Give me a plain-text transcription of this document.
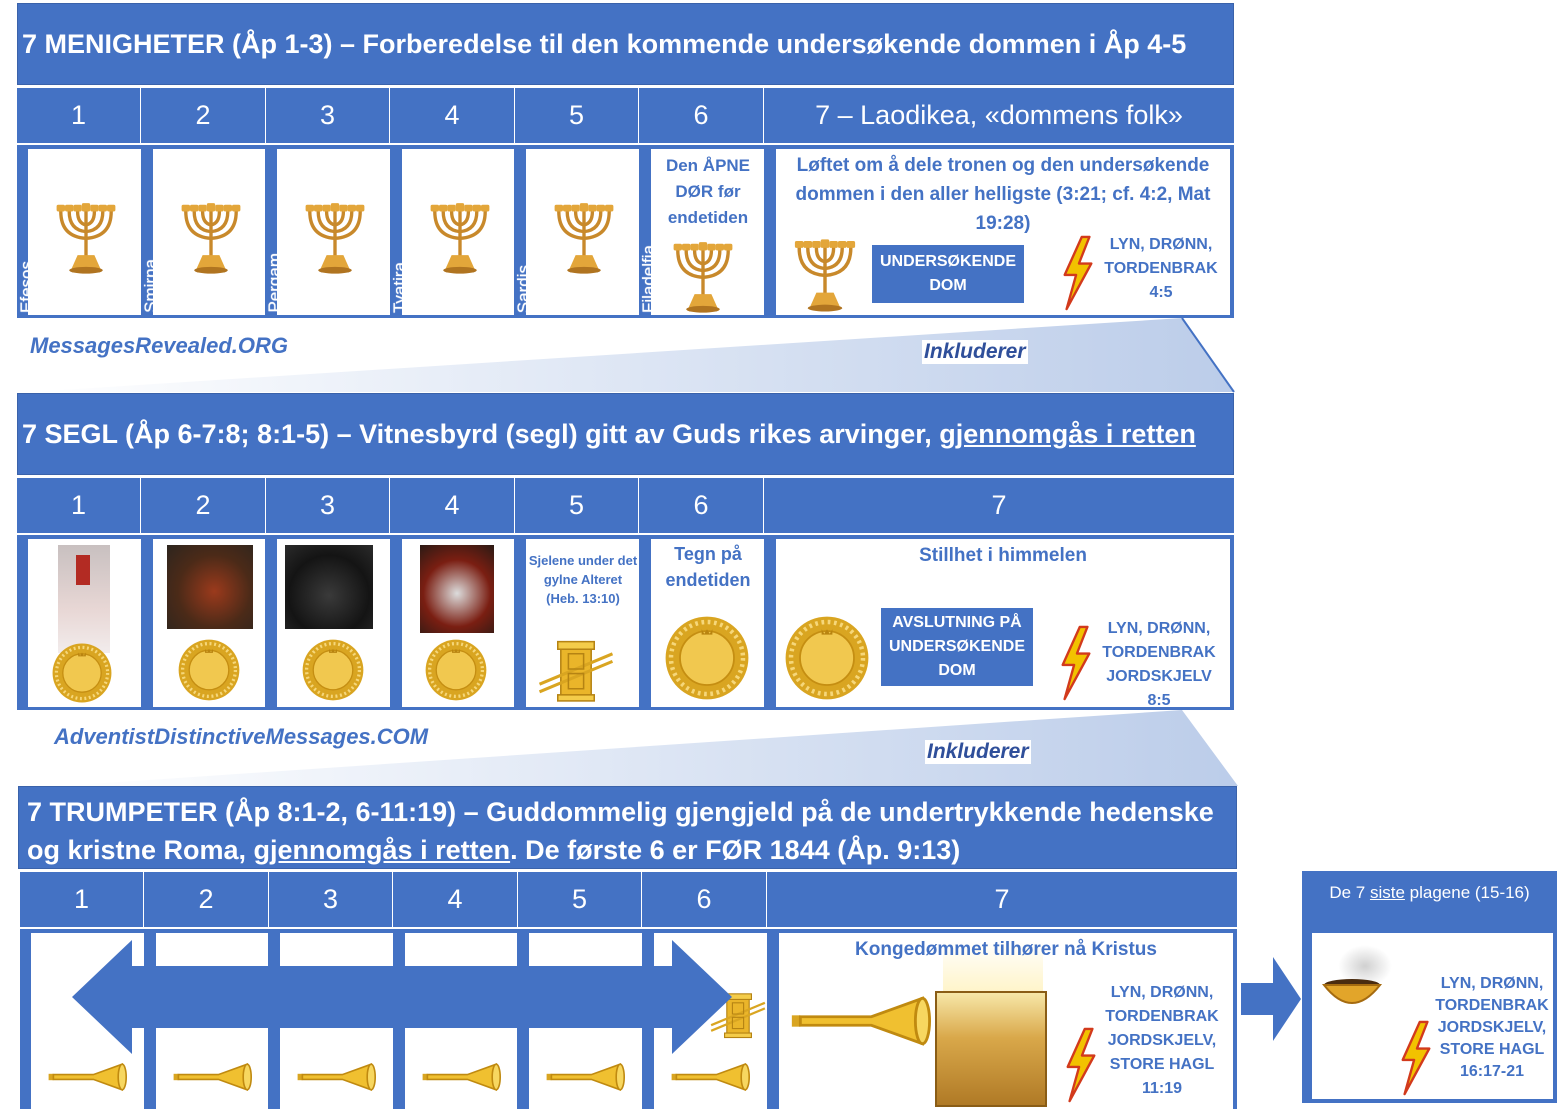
7 MENIGHETER (Åp 1-3) – Forberedelse til den kommende undersøkende dommen i Åp 4-5
1	2	3	4	5	6	7 – Laodikea, «dommens folk»
Efesos	Smirna	Pergam	Tyatira	Sardis
Den ÅPNE DØR før endetiden
Filadelfia
Løftet om å dele tronen og den undersøkende dommen i den aller helligste (3:21; cf. 4:2, Mat 19:28)
UNDERSØKENDE DOM
LYN, DRØNN, TORDENBRAK 4:5
MessagesRevealed.ORG	Inkluderer
7 SEGL (Åp 6-7:8; 8:1-5) – Vitnesbyrd (segl) gitt av Guds rikes arvinger, gjennomgås i retten
1	2	3	4	5	6	7
Sjelene under det gylne Alteret (Heb. 13:10)
Tegn på endetiden
Stillhet i himmelen
AVSLUTNING PÅ UNDERSØKENDE DOM
LYN, DRØNN, TORDENBRAK JORDSKJELV 8:5
AdventistDistinctiveMessages.COM
Inkluderer
7 TRUMPETER (Åp 8:1-2, 6-11:19) – Guddommelig gjengjeld på de undertrykkende hedenske og kristne Roma, gjennomgås i retten. De første 6 er FØR 1844 (Åp. 9:13)
1	2	3	4	5	6	7
Kongedømmet tilhører nå Kristus
LYN, DRØNN, TORDENBRAK JORDSKJELV, STORE HAGL 11:19
De 7 siste plagene (15-16)
LYN, DRØNN, TORDENBRAK JORDSKJELV, STORE HAGL 16:17-21
